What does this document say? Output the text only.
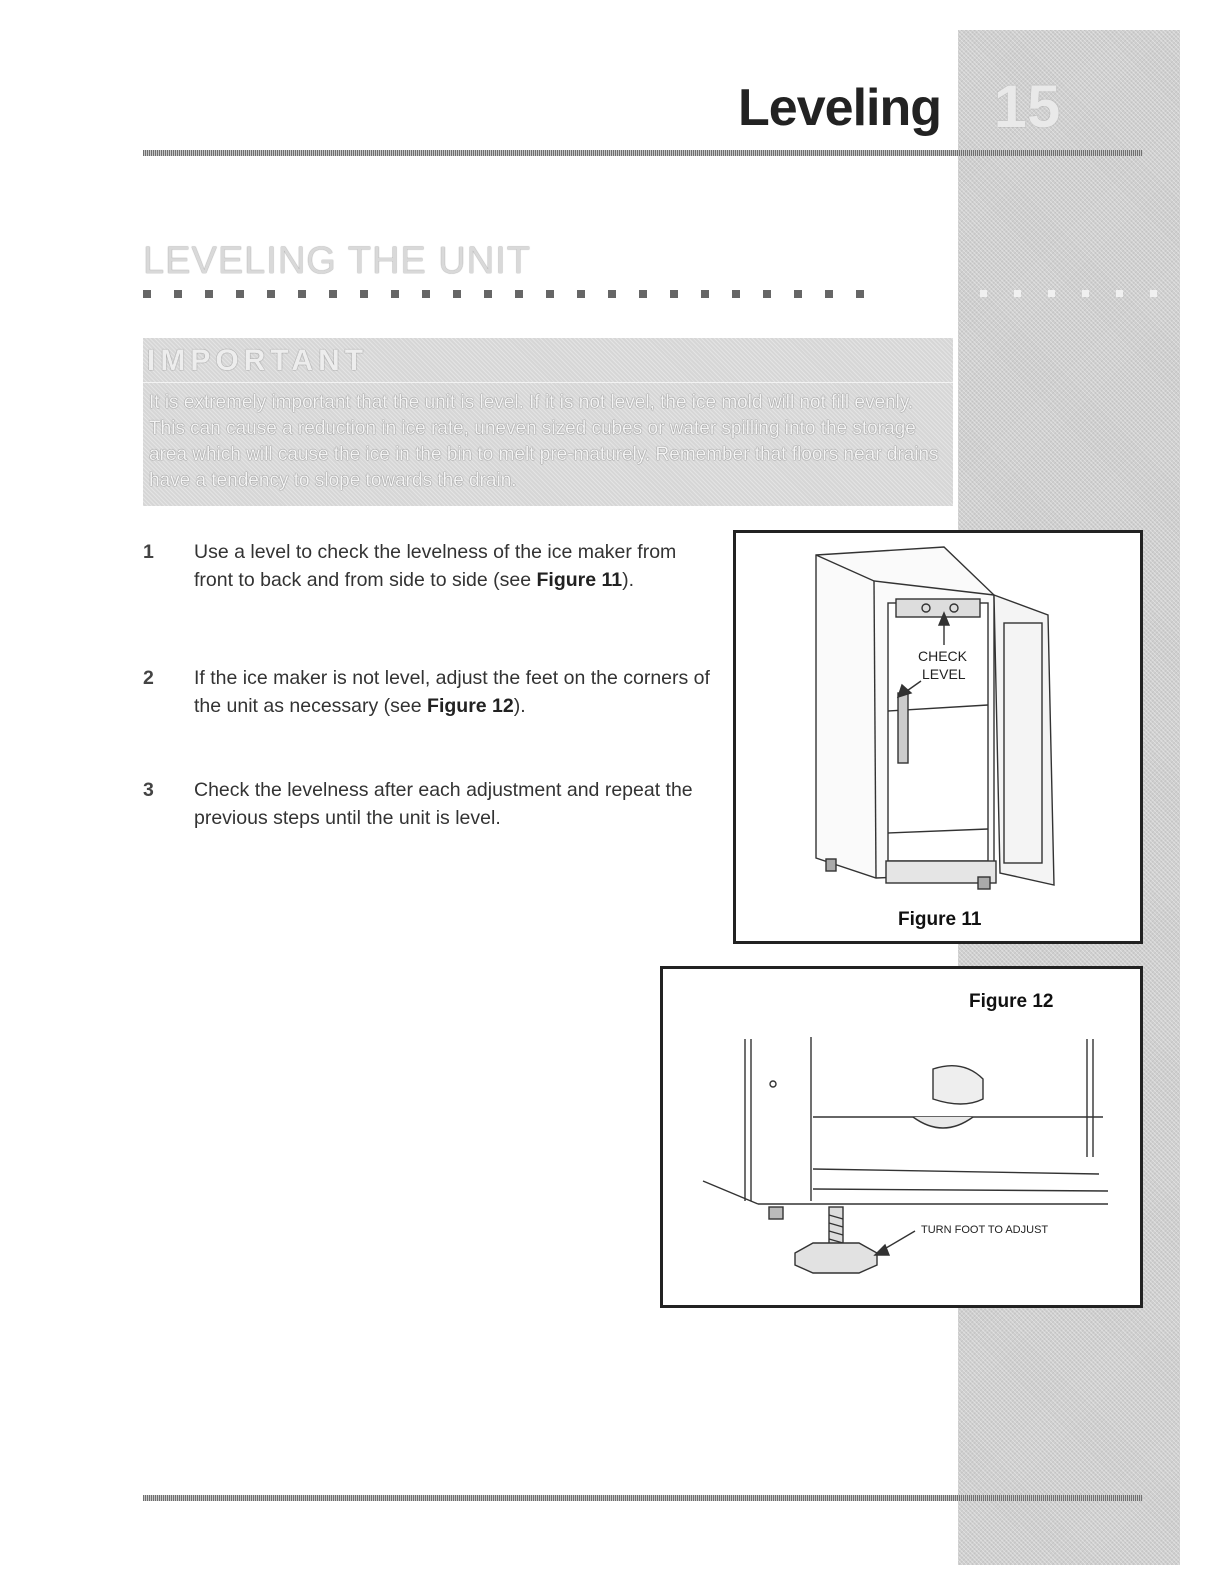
Leveling 15
LEVELING THE UNIT
IMPORTANT
It is extremely important that the unit is level. If it is not level, the ice mold will not fill evenly. This can cause a reduction in ice rate, uneven sized cubes or water spilling into the storage area which will cause the ice in the bin to melt pre-maturely. Remember that floors near drains have a tendency to slope towards the drain.
1 Use a level to check the levelness of the ice maker from front to back and from side to side (see Figure 11).
2 If the ice maker is not level, adjust the feet on the corners of the unit as necessary (see Figure 12).
3 Check the levelness after each adjustment and repeat the previous steps until the unit is level.
CHECK
LEVEL
Figure 11
Figure 12
TURN FOOT TO ADJUST
